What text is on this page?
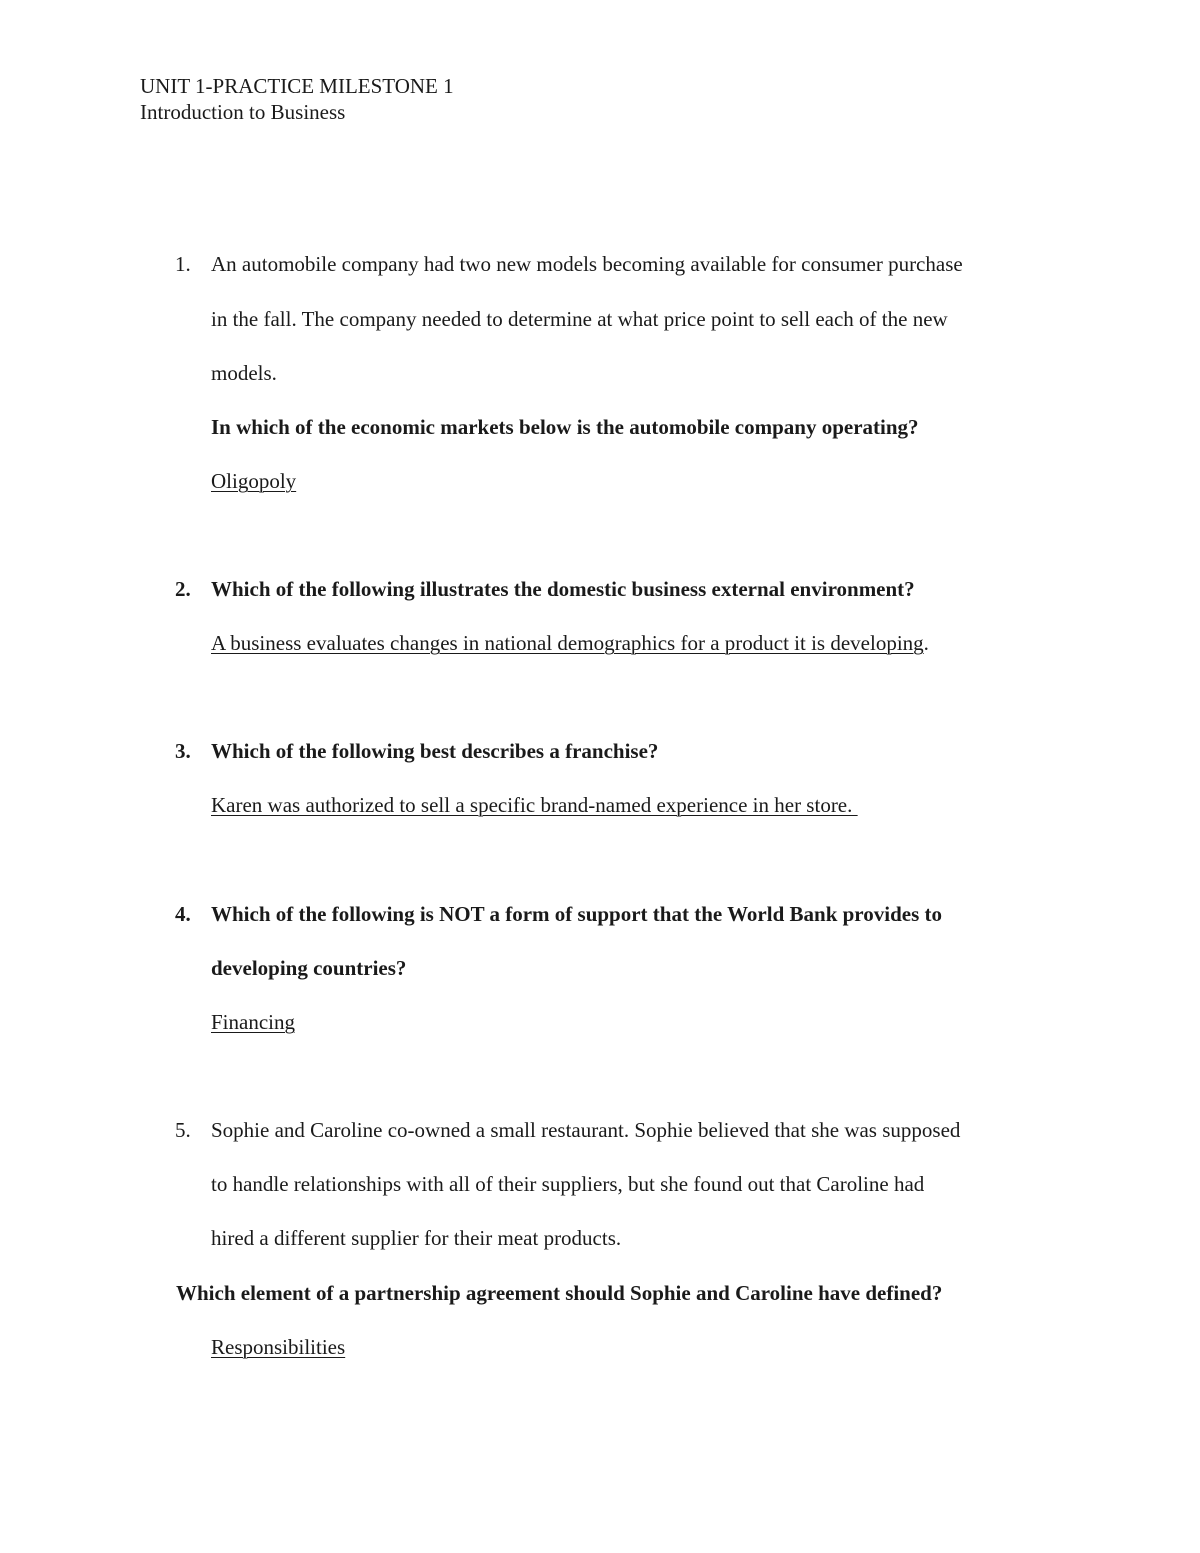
UNIT 1-PRACTICE MILESTONE 1
Introduction to Business
1. An automobile company had two new models becoming available for consumer purchase
in the fall. The company needed to determine at what price point to sell each of the new
models.
In which of the economic markets below is the automobile company operating?
Oligopoly
2. Which of the following illustrates the domestic business external environment?
A business evaluates changes in national demographics for a product it is developing.
3. Which of the following best describes a franchise?
Karen was authorized to sell a specific brand-named experience in her store.
4. Which of the following is NOT a form of support that the World Bank provides to
developing countries?
Financing
5. Sophie and Caroline co-owned a small restaurant. Sophie believed that she was supposed
to handle relationships with all of their suppliers, but she found out that Caroline had
hired a different supplier for their meat products.
Which element of a partnership agreement should Sophie and Caroline have defined?
Responsibilities
